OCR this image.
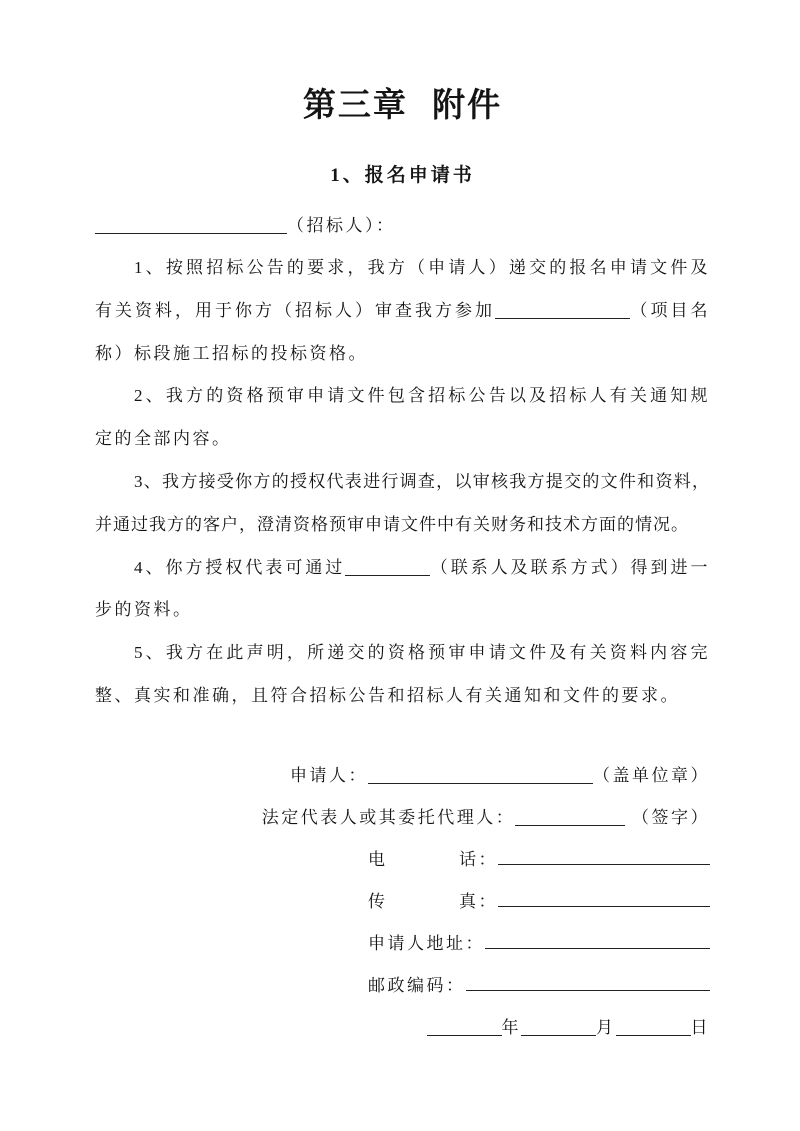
第三章 附件
1、报名申请书

（招标人）：

1、按照招标公告的要求，我方（申请人）递交的报名申请文件及有关资料，用于你方（招标人）审查我方参加	（项目名称）标段施工招标的投标资格。

2、我方的资格预审申请文件包含招标公告以及招标人有关通知规定的全部内容。

3、我方接受你方的授权代表进行调查，以审核我方提交的文件和资料，并通过我方的客户，澄清资格预审申请文件中有关财务和技术方面的情况。

4、你方授权代表可通过	（联系人及联系方式）得到进一步的资料。

5、我方在此声明，所递交的资格预审申请文件及有关资料内容完整、真实和准确，且符合招标公告和招标人有关通知和文件的要求。

申请人：	（盖单位章）
法定代表人或其委托代理人：	（签字）
电	话：
传	真：
申请人地址：
邮政编码：
年	月	日
